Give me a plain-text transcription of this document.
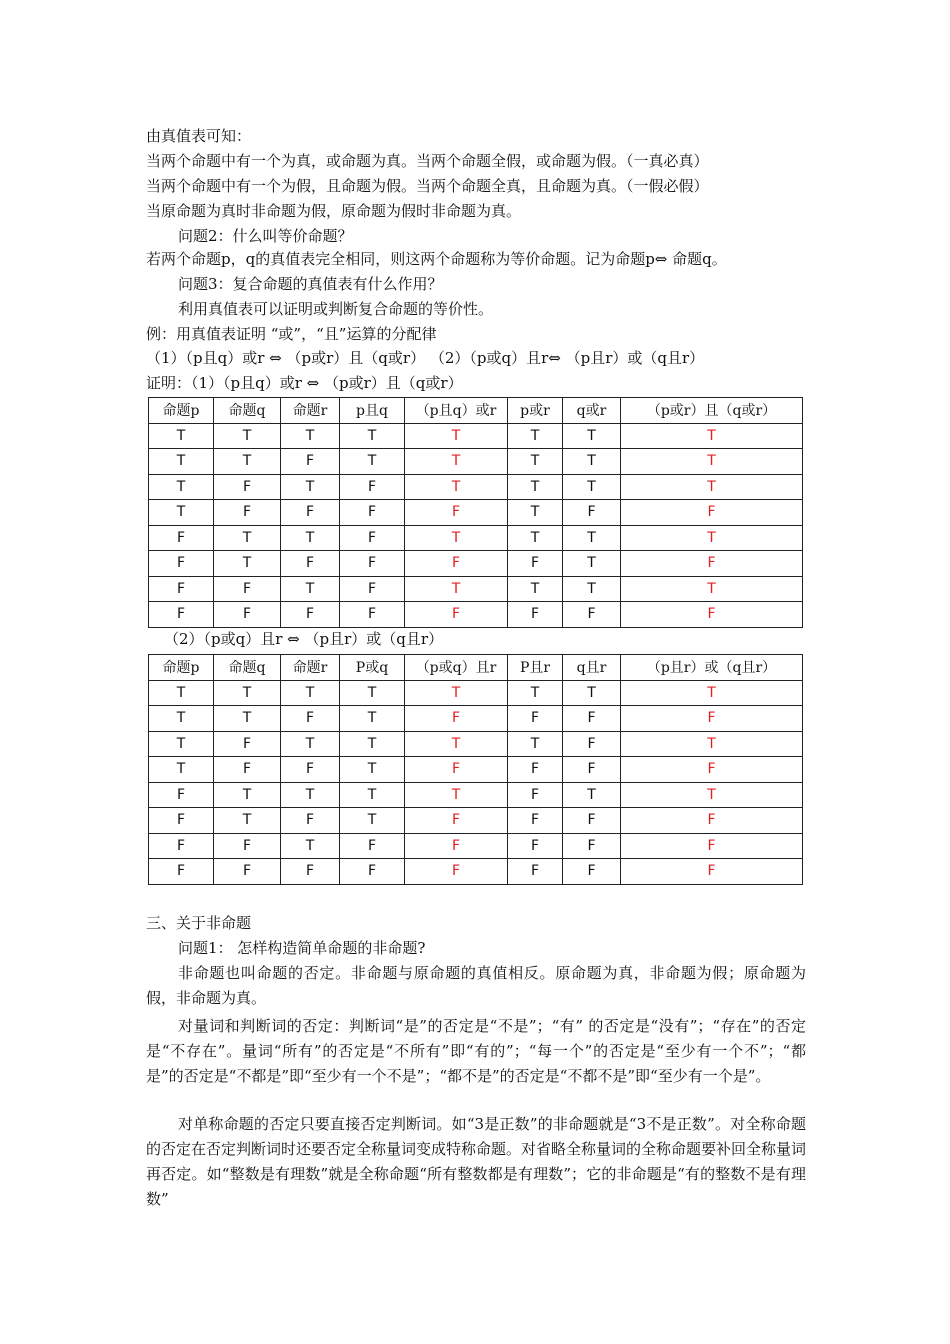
由真值表可知：
当两个命题中有一个为真，或命题为真。当两个命题全假，或命题为假。（一真必真）
当两个命题中有一个为假，且命题为假。当两个命题全真，且命题为真。（一假必假）
当原命题为真时非命题为假，原命题为假时非命题为真。
问题2：什么叫等价命题？
若两个命题p，q的真值表完全相同，则这两个命题称为等价命题。记为命题p⇔ 命题q。
问题3：复合命题的真值表有什么作用？
利用真值表可以证明或判断复合命题的等价性。
例：用真值表证明 “或”，“且”运算的分配律
（1）（p且q）或r ⇔ （p或r）且（q或r） （2）（p或q）且r⇔ （p且r）或（q且r）
证明：（1）（p且q）或r ⇔ （p或r）且（q或r）
命题p	命题q	命题r	p且q	（p且q）或r	p或r	q或r	（p或r）且（q或r）
T	T	T	T	T	T	T	T
T	T	F	T	T	T	T	T
T	F	T	F	T	T	T	T
T	F	F	F	F	T	F	F
F	T	T	F	T	T	T	T
F	T	F	F	F	F	T	F
F	F	T	F	T	T	T	T
F	F	F	F	F	F	F	F
（2）（p或q）且r ⇔ （p且r）或（q且r）
命题p	命题q	命题r	P或q	（p或q）且r	P且r	q且r	（p且r）或（q且r）
T	T	T	T	T	T	T	T
T	T	F	T	F	F	F	F
T	F	T	T	T	T	F	T
T	F	F	T	F	F	F	F
F	T	T	T	T	F	T	T
F	T	F	T	F	F	F	F
F	F	T	F	F	F	F	F
F	F	F	F	F	F	F	F
三、关于非命题
问题1： 怎样构造简单命题的非命题?
非命题也叫命题的否定。非命题与原命题的真值相反。原命题为真，非命题为假；原命题为假，非命题为真。
对量词和判断词的否定：判断词“是”的否定是“不是”；“有” 的否定是“没有”；“存在”的否定是“不存在”。量词“所有”的否定是“不所有”即“有的”；“每一个”的否定是“至少有一个不”；“都是”的否定是“不都是”即“至少有一个不是”；“都不是”的否定是“不都不是”即“至少有一个是”。
对单称命题的否定只要直接否定判断词。如“3是正数”的非命题就是“3不是正数”。对全称命题的否定在否定判断词时还要否定全称量词变成特称命题。对省略全称量词的全称命题要补回全称量词再否定。如“整数是有理数”就是全称命题“所有整数都是有理数”；它的非命题是“有的整数不是有理数”
